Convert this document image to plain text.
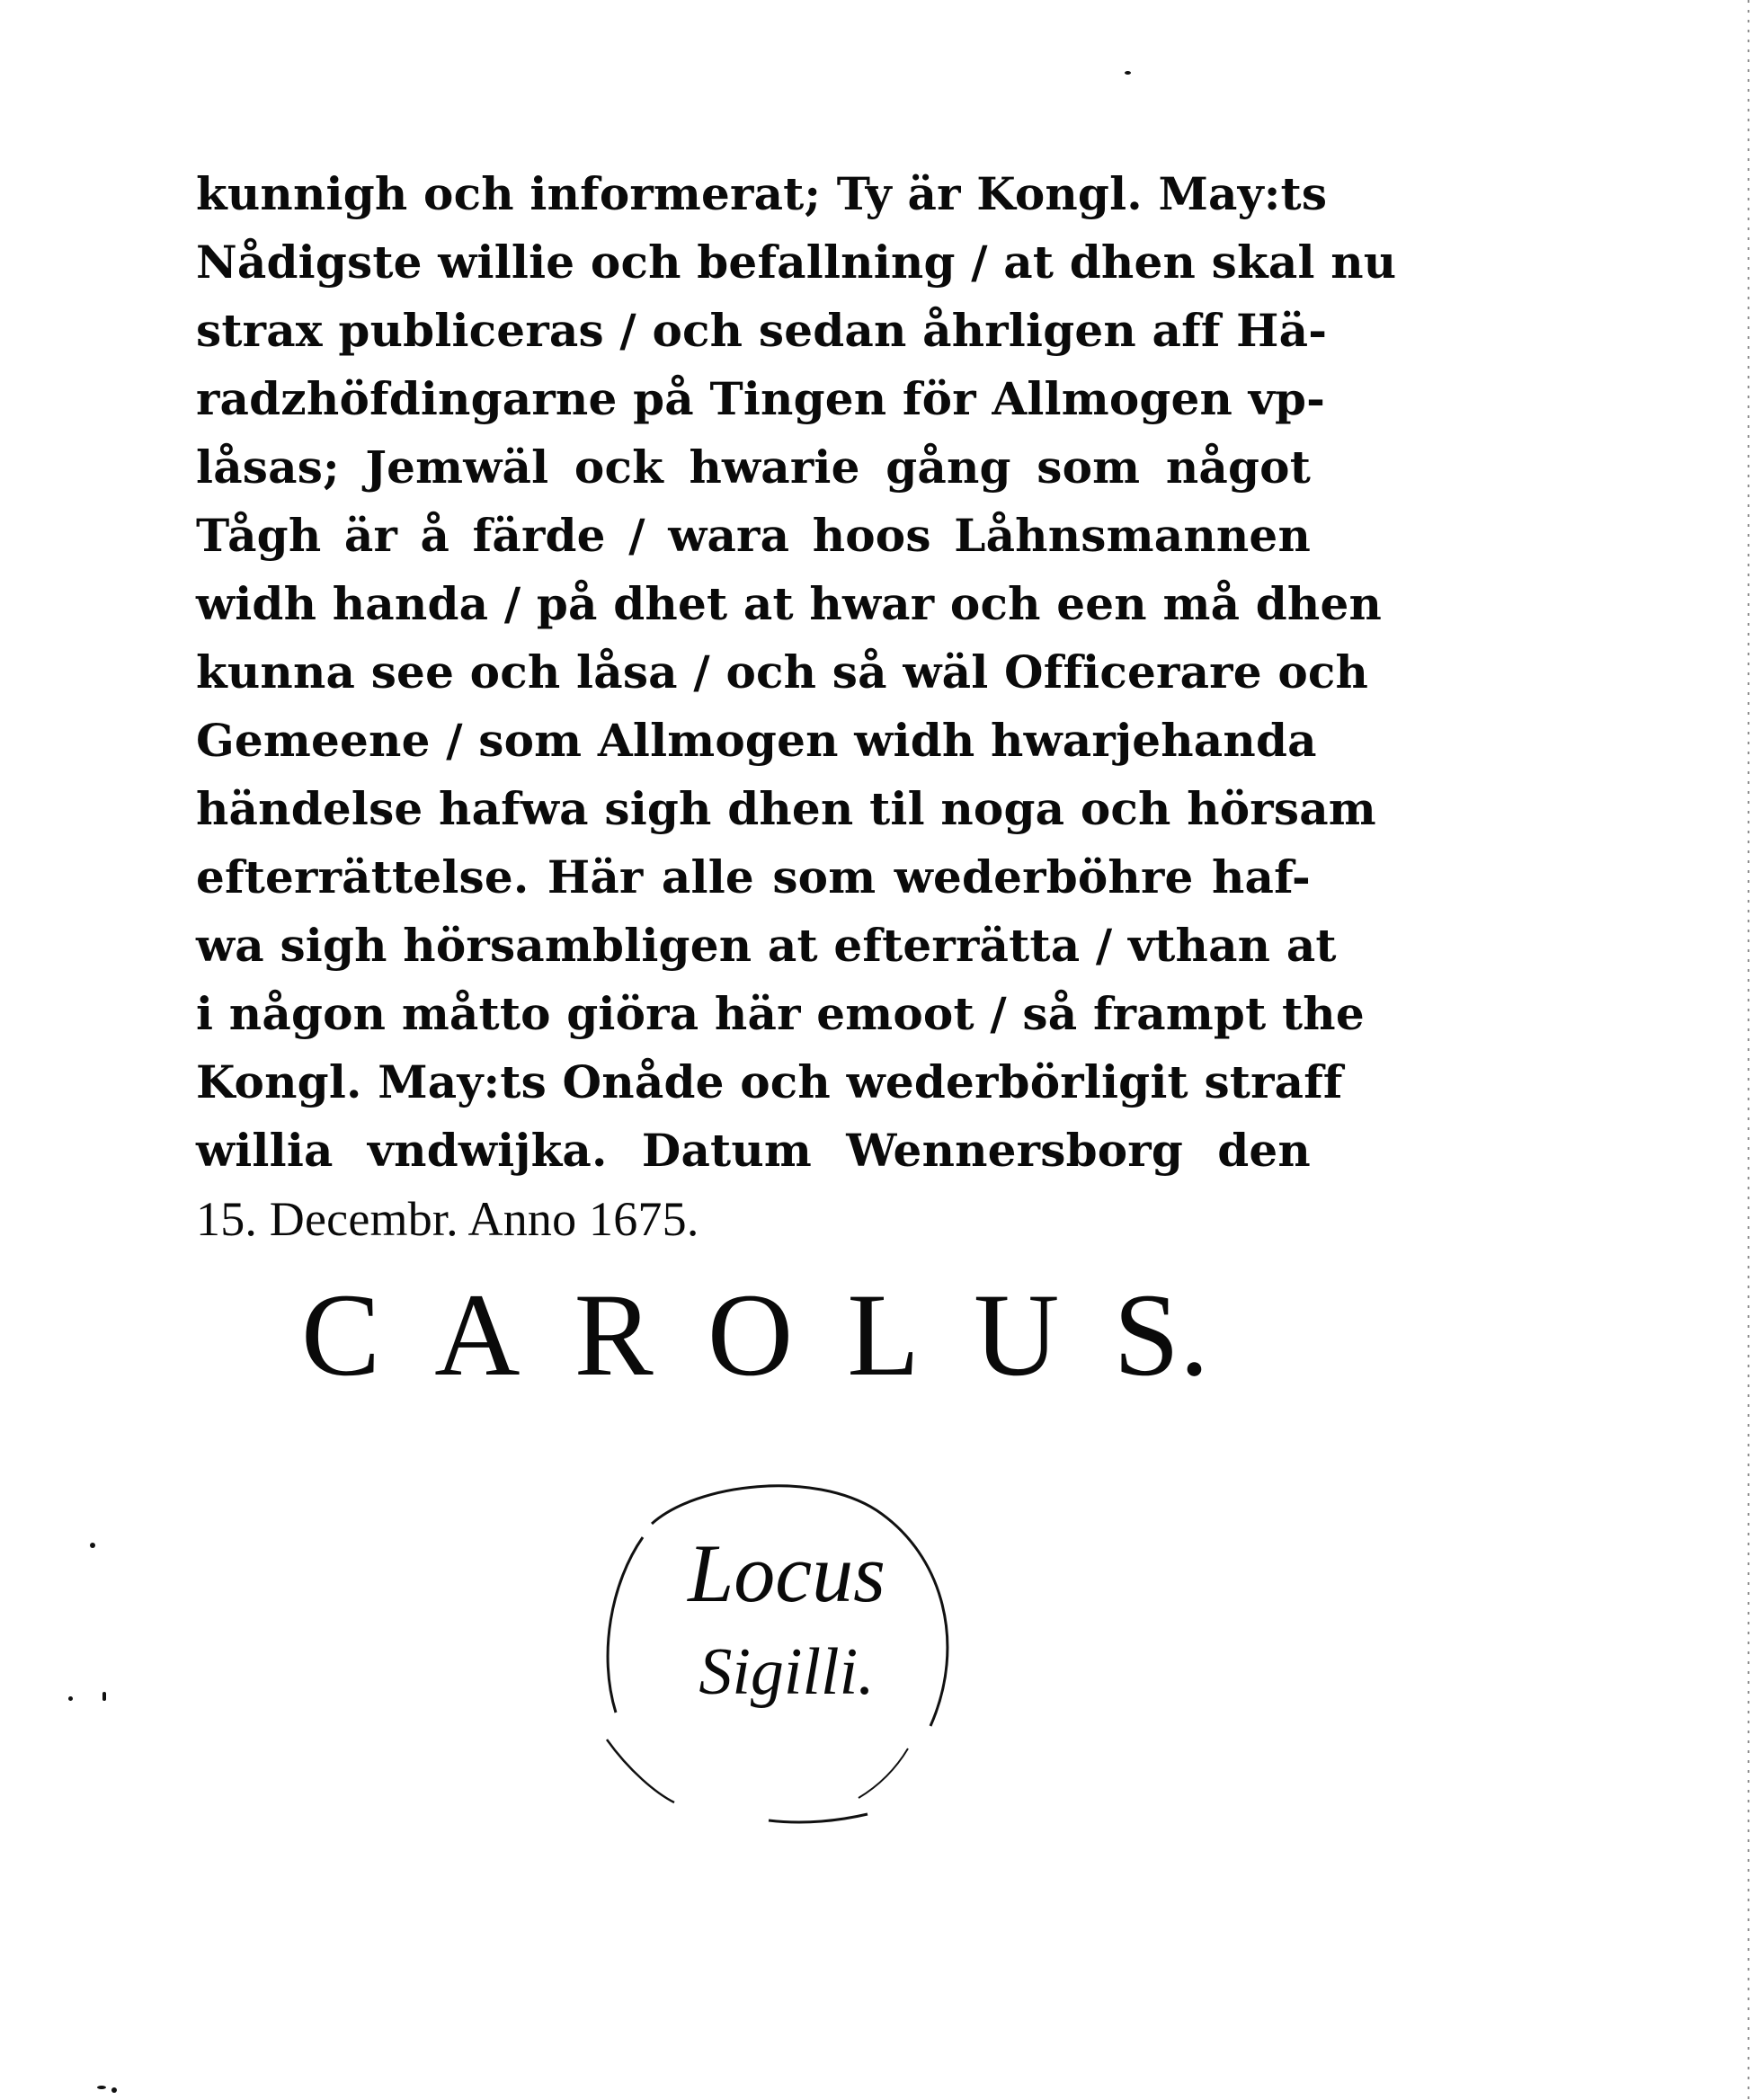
kunnigh och informerat; Ty är Kongl. May:ts
Nådigste willie och befallning / at dhen skal nu
strax publiceras / och sedan åhrligen aff Hä-
radzhöfdingarne på Tingen för Allmogen vp-
låsas; Jemwäl ock hwarie gång som något
Tågh är å färde / wara hoos Låhnsmannen
widh handa / på dhet at hwar och een må dhen
kunna see och låsa / och så wäl Officerare och
Gemeene / som Allmogen widh hwarjehanda
händelse hafwa sigh dhen til noga och hörsam
efterrättelse. Här alle som wederböhre haf-
wa sigh hörsambligen at efterrätta / vthan at
i någon måtto giöra här emoot / så frampt the
Kongl. May:ts Onåde och wederbörligit straff
willia vndwijka. Datum Wennersborg den
15. Decembr. Anno 1675.
C A R O L U S.
Locus
Sigilli.
